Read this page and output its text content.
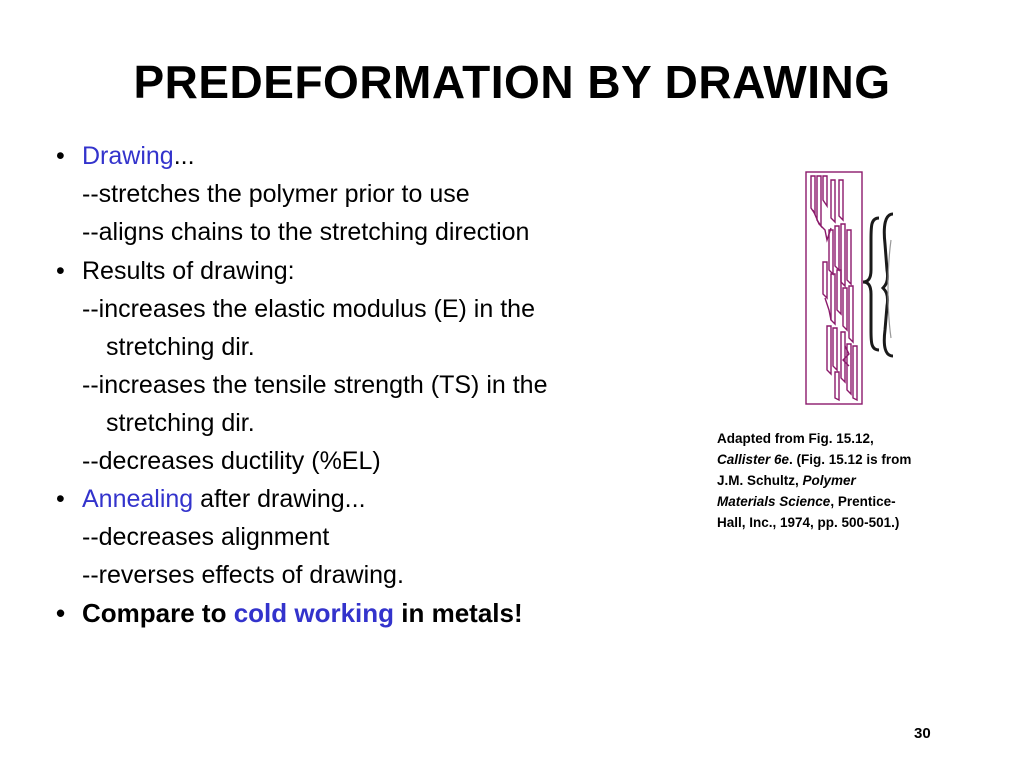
PREDEFORMATION BY DRAWING
• Drawing...
--stretches the polymer prior to use
--aligns chains to the stretching direction
• Results of drawing:
--increases the elastic modulus (E) in the
stretching dir.
--increases the tensile strength (TS) in the
stretching dir.
--decreases ductility (%EL)
• Annealing after drawing...
--decreases alignment
--reverses effects of drawing.
• Compare to cold working in metals!
Adapted from Fig. 15.12,
Callister 6e. (Fig. 15.12 is from
J.M. Schultz, Polymer
Materials Science, Prentice-
Hall, Inc., 1974, pp. 500-501.)
30
